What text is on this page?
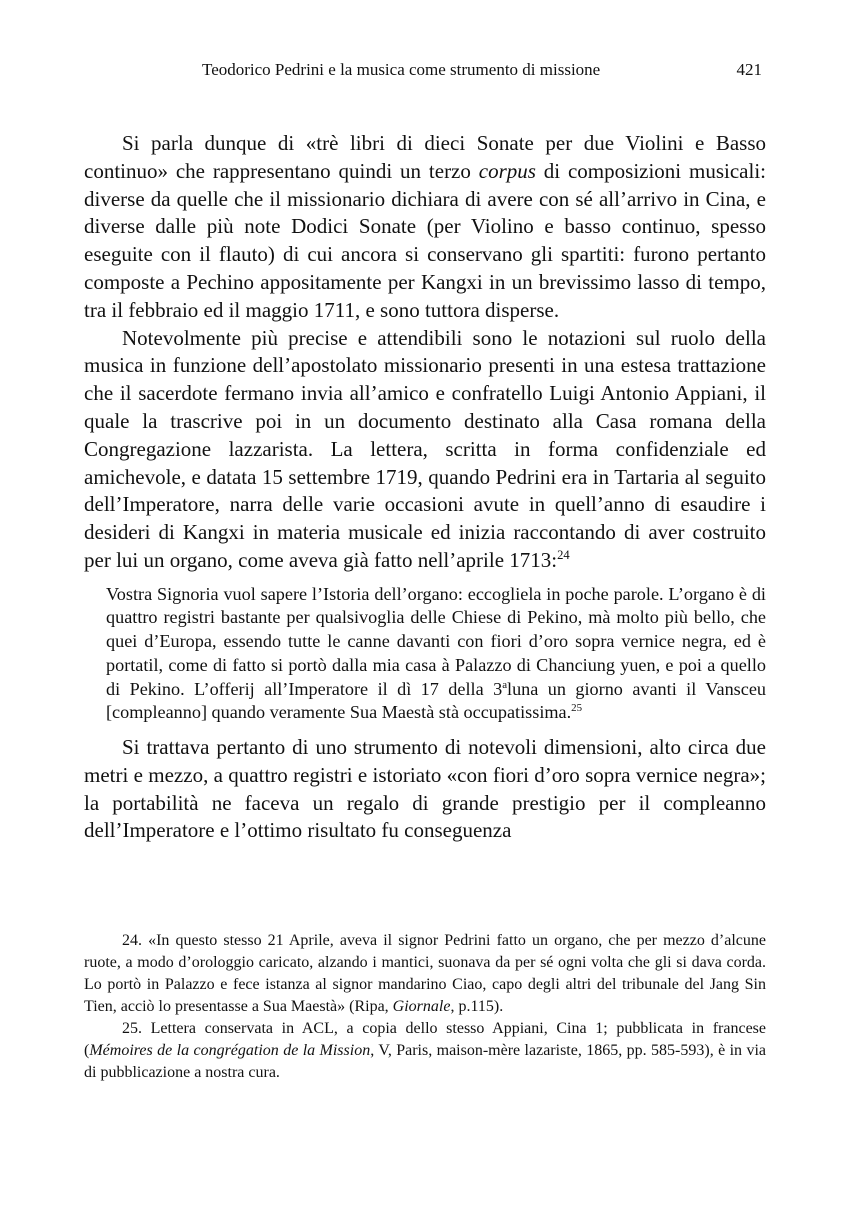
Teodorico Pedrini e la musica come strumento di missione	421

Si parla dunque di «trè libri di dieci Sonate per due Violini e Basso continuo» che rappresentano quindi un terzo corpus di composizioni musicali: diverse da quelle che il missionario dichiara di avere con sé all’arrivo in Cina, e diverse dalle più note Dodici Sonate (per Violino e basso continuo, spesso eseguite con il flauto) di cui ancora si conservano gli spartiti: furono pertanto composte a Pechino appositamente per Kangxi in un brevissimo lasso di tempo, tra il febbraio ed il maggio 1711, e sono tuttora disperse.

Notevolmente più precise e attendibili sono le notazioni sul ruolo della musica in funzione dell’apostolato missionario presenti in una estesa trattazione che il sacerdote fermano invia all’amico e confratello Luigi Antonio Appiani, il quale la trascrive poi in un documento destinato alla Casa romana della Congregazione lazzarista. La lettera, scritta in forma confidenziale ed amichevole, e datata 15 settembre 1719, quando Pedrini era in Tartaria al seguito dell’Imperatore, narra delle varie occasioni avute in quell’anno di esaudire i desideri di Kangxi in materia musicale ed inizia raccontando di aver costruito per lui un organo, come aveva già fatto nell’aprile 1713:$^{24}$

Vostra Signoria vuol sapere l’Istoria dell’organo: eccogliela in poche parole. L’organo è di quattro registri bastante per qualsivoglia delle Chiese di Pekino, mà molto più bello, che quei d’Europa, essendo tutte le canne davanti con fiori d’oro sopra vernice negra, ed è portatil, come di fatto si portò dalla mia casa à Palazzo di Chanciung yuen, e poi a quello di Pekino. L’offerij all’Imperatore il dì 17 della 3$^a$luna un giorno avanti il Vansceu [compleanno] quando veramente Sua Maestà stà occupatissima.$^{25}$

Si trattava pertanto di uno strumento di notevoli dimensioni, alto circa due metri e mezzo, a quattro registri e istoriato «con fiori d’oro sopra vernice negra»; la portabilità ne faceva un regalo di grande prestigio per il compleanno dell’Imperatore e l’ottimo risultato fu conseguenza

24. «In questo stesso 21 Aprile, aveva il signor Pedrini fatto un organo, che per mezzo d’alcune ruote, a modo d’orologgio caricato, alzando i mantici, suonava da per sé ogni volta che gli si dava corda. Lo portò in Palazzo e fece istanza al signor mandarino Ciao, capo degli altri del tribunale del Jang Sin Tien, acciò lo presentasse a Sua Maestà» (Ripa, Giornale, p.115).

25. Lettera conservata in ACL, a copia dello stesso Appiani, Cina 1; pubblicata in francese (Mémoires de la congrégation de la Mission, V, Paris, maison-mère lazariste, 1865, pp. 585-593), è in via di pubblicazione a nostra cura.
